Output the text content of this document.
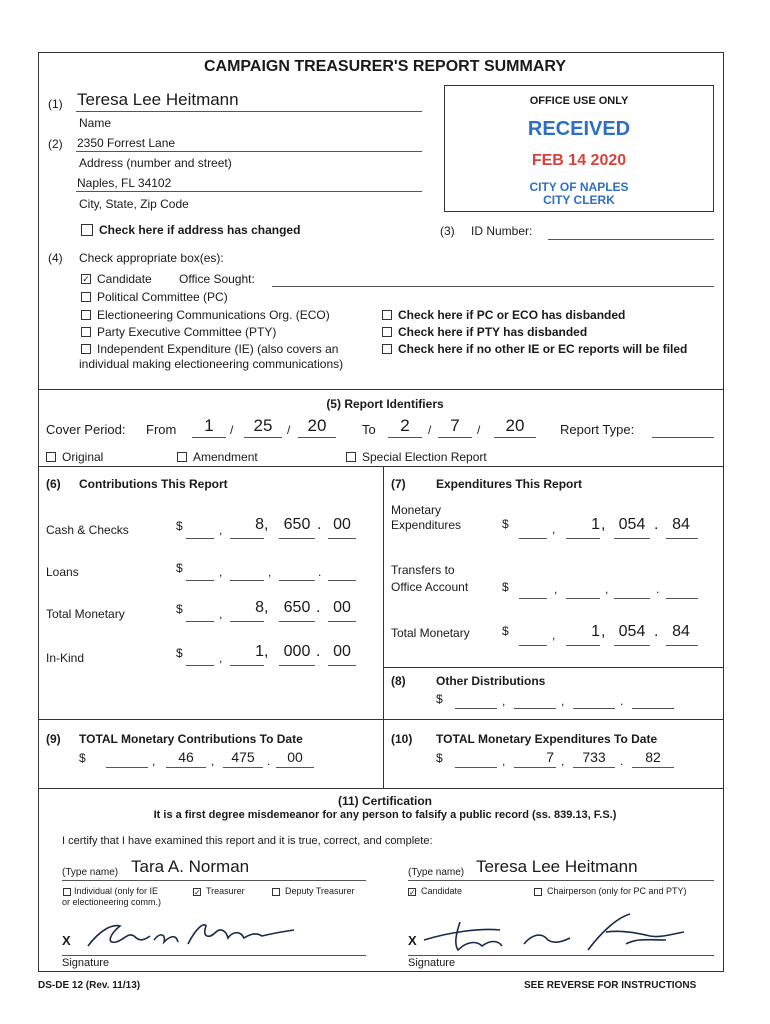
CAMPAIGN TREASURER'S REPORT SUMMARY
(1) Teresa Lee Heitmann
Name
(2) 2350 Forrest Lane
Address (number and street)
Naples, FL 34102
City, State, Zip Code
Check here if address has changed
OFFICE USE ONLY
RECEIVED
FEB 14 2020
CITY OF NAPLES
CITY CLERK
(3) ID Number:
(4) Check appropriate box(es):
✓ Candidate Office Sought:
Political Committee (PC)
Electioneering Communications Org. (ECO)
Party Executive Committee (PTY)
Independent Expenditure (IE) (also covers an
individual making electioneering communications)
Check here if PC or ECO has disbanded
Check here if PTY has disbanded
Check here if no other IE or EC reports will be filed
(5) Report Identifiers
Cover Period: From	1	/	25	/	20	To	2	/	7	/	20	Report Type:
Original	Amendment	Special Election Report
(6) Contributions This Report
Cash & Checks	$	,	8 , 650 . 00
Loans	$	,	,	.
Total Monetary	$	,	8 , 650 . 00
In-Kind	$	,	1 , 000 . 00
(7)	Expenditures This Report
Monetary
Expenditures	$	,	1 , 054 . 84
Transfers to
Office Account	$	,	,	.
Total Monetary	$	,	1 , 054 . 84
(8)	Other Distributions
$	,	,	.
(9) TOTAL Monetary Contributions To Date
$	,	46	,	475	.	00
(10) TOTAL Monetary Expenditures To Date
$	,	7 ,	733	.	82
(11) Certification
It is a first degree misdemeanor for any person to falsify a public record (ss. 839.13, F.S.)
I certify that I have examined this report and it is true, correct, and complete:
(Type name) Tara A. Norman
Individual (only for IE
or electioneering comm.)
✓ Treasurer	Deputy Treasurer
X
Signature
(Type name) Teresa Lee Heitmann
✓ Candidate	Chairperson (only for PC and PTY)
X
Signature
DS-DE 12 (Rev. 11/13)	SEE REVERSE FOR INSTRUCTIONS
